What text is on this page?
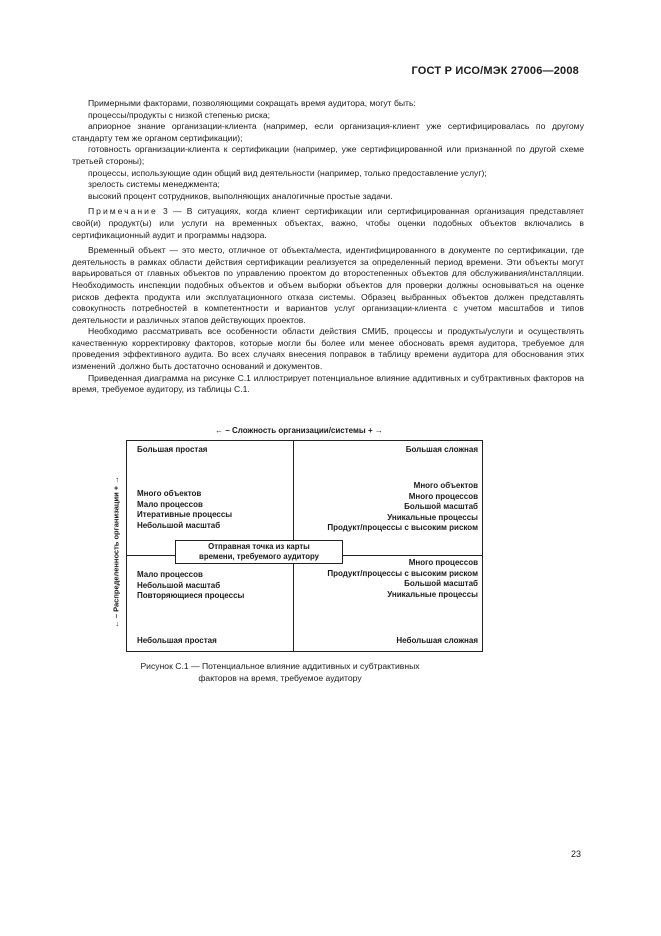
ГОСТ Р ИСО/МЭК 27006—2008

Примерными факторами, позволяющими сокращать время аудитора, могут быть:

процессы/продукты с низкой степенью риска;

априорное знание организации-клиента (например, если организация-клиент уже сертифицировалась по другому стандарту тем же органом сертификации);

готовность организации-клиента к сертификации (например, уже сертифицированной или признанной по другой схеме третьей стороны);

процессы, использующие один общий вид деятельности (например, только предоставление услуг);

зрелость системы менеджмента;

высокий процент сотрудников, выполняющих аналогичные простые задачи.

Примечание 3 — В ситуациях, когда клиент сертификации или сертифицированная организация представляет свой(и) продукт(ы) или услуги на временных объектах, важно, чтобы оценки подобных объектов включались в сертификационный аудит и программы надзора.

Временный объект — это место, отличное от объекта/места, идентифицированного в документе по сертификации, где деятельность в рамках области действия сертификации реализуется за определенный период времени. Эти объекты могут варьироваться от главных объектов по управлению проектом до второстепенных объектов для обслуживания/инсталляции. Необходимость инспекции подобных объектов и объем выборки объектов для проверки должны основываться на оценке рисков дефекта продукта или эксплуатационного отказа системы. Образец выбранных объектов должен представлять совокупность потребностей в компетентности и вариантов услуг организации-клиента с учетом масштабов и типов деятельности и различных этапов действующих проектов.

Необходимо рассматривать все особенности области действия СМИБ, процессы и продукты/услуги и осуществлять качественную корректировку факторов, которые могли бы более или менее обосновать время аудитора, требуемое для проведения эффективного аудита. Во всех случаях внесения поправок в таблицу времени аудитора для обоснования этих изменений .должно быть достаточно оснований и документов.

Приведенная диаграмма на рисунке С.1 иллюстрирует потенциальное влияние аддитивных и субтрактивных факторов на время, требуемое аудитору, из таблицы С.1.

← – Сложность организации/системы + →
← – Распределенность организации + →
Большая простая	Большая сложная
Небольшая простая	Небольшая сложная
Много объектов
Мало процессов
Итеративные процессы
Небольшой масштаб
Много объектов
Много процессов
Большой масштаб
Уникальные процессы
Продукт/процессы с высоким риском
Мало процессов
Небольшой масштаб
Повторяющиеся процессы
Много процессов
Продукт/процессы с высоким риском
Большой масштаб
Уникальные процессы
Отправная точка из карты
времени, требуемого аудитору
Рисунок С.1 — Потенциальное влияние аддитивных и субтрактивных
факторов на время, требуемое аудитору
23
